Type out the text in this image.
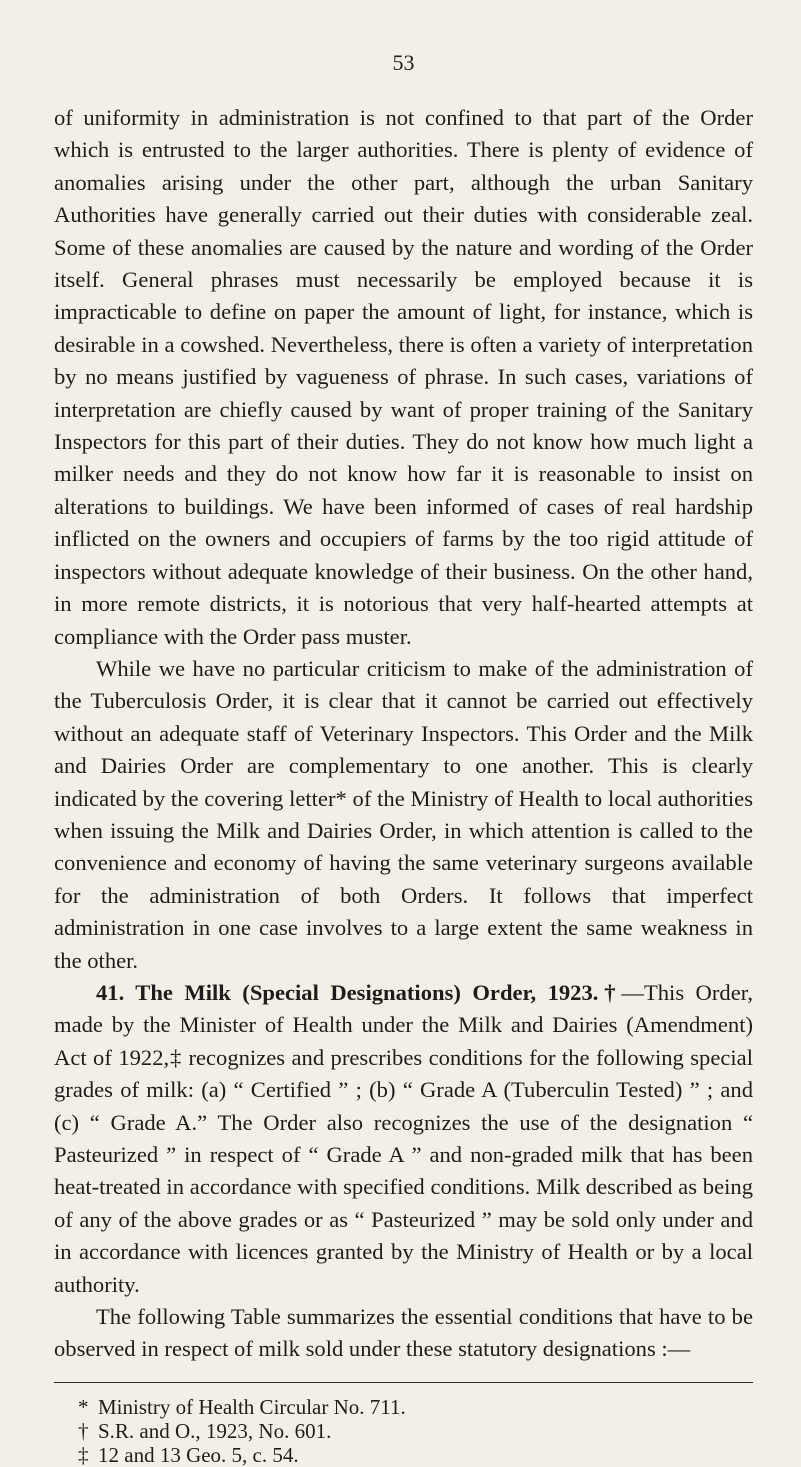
53

of uniformity in administration is not confined to that part of the Order which is entrusted to the larger authorities. There is plenty of evidence of anomalies arising under the other part, although the urban Sanitary Authorities have generally carried out their duties with considerable zeal. Some of these anomalies are caused by the nature and wording of the Order itself. General phrases must necessarily be employed because it is impracticable to define on paper the amount of light, for instance, which is desirable in a cowshed. Nevertheless, there is often a variety of interpretation by no means justified by vagueness of phrase. In such cases, variations of interpretation are chiefly caused by want of proper training of the Sanitary Inspectors for this part of their duties. They do not know how much light a milker needs and they do not know how far it is reasonable to insist on alterations to buildings. We have been informed of cases of real hardship inflicted on the owners and occupiers of farms by the too rigid attitude of inspectors without adequate knowledge of their business. On the other hand, in more remote districts, it is notorious that very half-hearted attempts at compliance with the Order pass muster.

While we have no particular criticism to make of the administration of the Tuberculosis Order, it is clear that it cannot be carried out effectively without an adequate staff of Veterinary Inspectors. This Order and the Milk and Dairies Order are complementary to one another. This is clearly indicated by the covering letter* of the Ministry of Health to local authorities when issuing the Milk and Dairies Order, in which attention is called to the convenience and economy of having the same veterinary surgeons available for the administration of both Orders. It follows that imperfect administration in one case involves to a large extent the same weakness in the other.

41. The Milk (Special Designations) Order, 1923.†—This Order, made by the Minister of Health under the Milk and Dairies (Amendment) Act of 1922,‡ recognizes and prescribes conditions for the following special grades of milk: (a) “ Certified ” ; (b) “ Grade A (Tuberculin Tested) ” ; and (c) “ Grade A.” The Order also recognizes the use of the designation “ Pasteurized ” in respect of “ Grade A ” and non-graded milk that has been heat-treated in accordance with specified conditions. Milk described as being of any of the above grades or as “ Pasteurized ” may be sold only under and in accordance with licences granted by the Ministry of Health or by a local authority.

The following Table summarizes the essential conditions that have to be observed in respect of milk sold under these statutory designations :—

* Ministry of Health Circular No. 711.
† S.R. and O., 1923, No. 601.
‡ 12 and 13 Geo. 5, c. 54.
